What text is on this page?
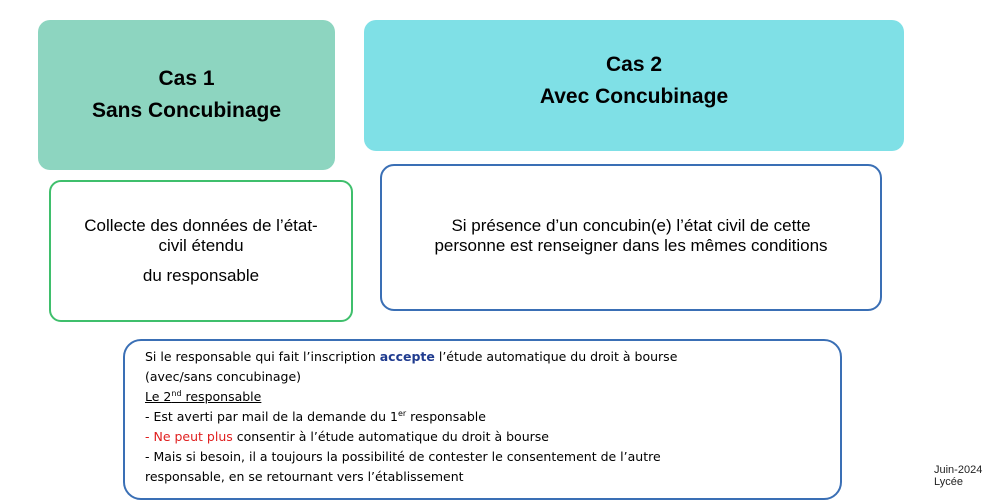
Cas 1
Sans Concubinage
Cas 2
Avec Concubinage
Collecte des données de l’état-
civil étendu
du responsable
Si présence d’un concubin(e) l’état civil de cette
personne est renseigner dans les mêmes conditions
Si le responsable qui fait l’inscription accepte l’étude automatique du droit à bourse
(avec/sans concubinage)
Le 2nd responsable
- Est averti par mail de la demande du 1er responsable
- Ne peut plus consentir à l’étude automatique du droit à bourse
- Mais si besoin, il a toujours la possibilité de contester le consentement de l’autre
responsable, en se retournant vers l’établissement	Juin-2024
Lycée
